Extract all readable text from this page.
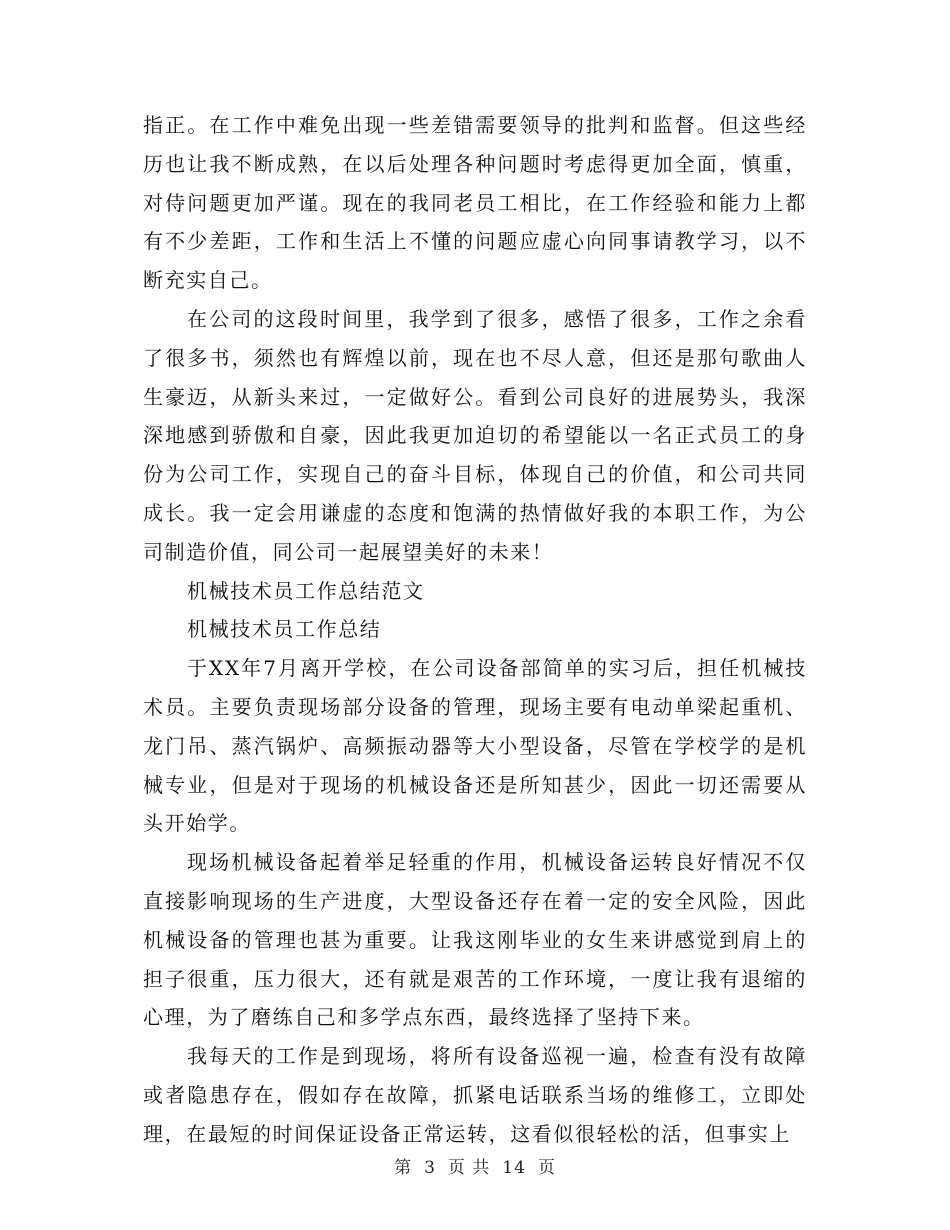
指正。在工作中难免出现一些差错需要领导的批判和监督。但这些经历也让我不断成熟，在以后处理各种问题时考虑得更加全面，慎重，对侍问题更加严谨。现在的我同老员工相比，在工作经验和能力上都有不少差距，工作和生活上不懂的问题应虚心向同事请教学习，以不断充实自己。

在公司的这段时间里，我学到了很多，感悟了很多，工作之余看了很多书，须然也有辉煌以前，现在也不尽人意，但还是那句歌曲人生豪迈，从新头来过，一定做好公。看到公司良好的进展势头，我深深地感到骄傲和自豪，因此我更加迫切的希望能以一名正式员工的身份为公司工作，实现自己的奋斗目标，体现自己的价值，和公司共同成长。我一定会用谦虚的态度和饱满的热情做好我的本职工作，为公司制造价值，同公司一起展望美好的未来！

机械技术员工作总结范文

机械技术员工作总结

于XX年7月离开学校，在公司设备部简单的实习后，担任机械技术员。主要负责现场部分设备的管理，现场主要有电动单梁起重机、龙门吊、蒸汽锅炉、高频振动器等大小型设备，尽管在学校学的是机械专业，但是对于现场的机械设备还是所知甚少，因此一切还需要从头开始学。

现场机械设备起着举足轻重的作用，机械设备运转良好情况不仅直接影响现场的生产进度，大型设备还存在着一定的安全风险，因此机械设备的管理也甚为重要。让我这刚毕业的女生来讲感觉到肩上的担子很重，压力很大，还有就是艰苦的工作环境，一度让我有退缩的心理，为了磨练自己和多学点东西，最终选择了坚持下来。

我每天的工作是到现场，将所有设备巡视一遍，检查有没有故障或者隐患存在，假如存在故障，抓紧电话联系当场的维修工，立即处理，在最短的时间保证设备正常运转，这看似很轻松的活，但事实上

第 3 页 共 14 页
